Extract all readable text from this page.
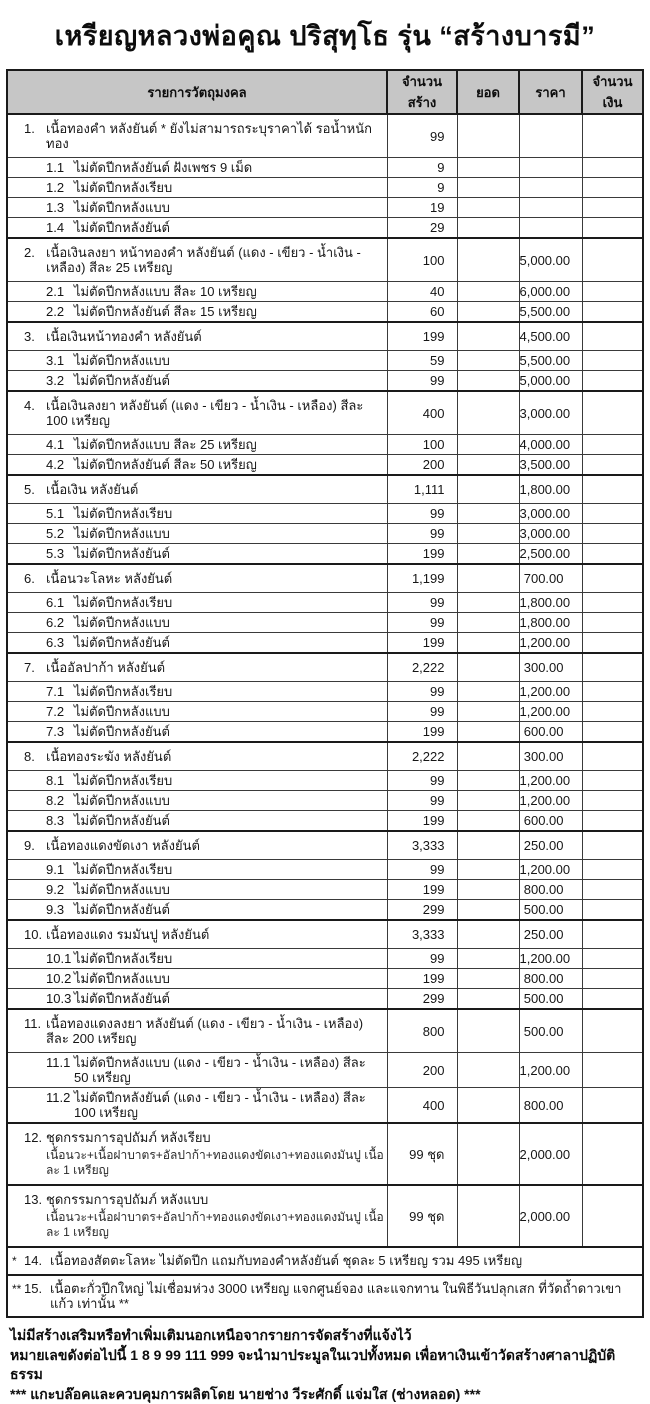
เหรียญหลวงพ่อคูณ ปริสุทฺโธ รุ่น “สร้างบารมี”
รายการวัตถุมงคล	จำนวนสร้าง	ยอด	ราคา	จำนวนเงิน

1. เนื้อทองคำ หลังยันต์ * ยังไม่สามารถระบุราคาได้ รอน้ำหนักทอง	99			

1.1 ไม่ตัดปีกหลังยันต์ ฝังเพชร 9 เม็ด	9			

1.2 ไม่ตัดปีกหลังเรียบ	9			

1.3 ไม่ตัดปีกหลังแบบ	19			

1.4 ไม่ตัดปีกหลังยันต์	29			

2. เนื้อเงินลงยา หน้าทองคำ หลังยันต์ (แดง - เขียว - น้ำเงิน - เหลือง) สีละ 25 เหรียญ	100		5,000.00	

2.1 ไม่ตัดปีกหลังแบบ สีละ 10 เหรียญ	40		6,000.00	

2.2 ไม่ตัดปีกหลังยันต์ สีละ 15 เหรียญ	60		5,500.00	

3. เนื้อเงินหน้าทองคำ หลังยันต์	199		4,500.00	

3.1 ไม่ตัดปีกหลังแบบ	59		5,500.00	

3.2 ไม่ตัดปีกหลังยันต์	99		5,000.00	

4. เนื้อเงินลงยา หลังยันต์ (แดง - เขียว - น้ำเงิน - เหลือง) สีละ 100 เหรียญ	400		3,000.00	

4.1 ไม่ตัดปีกหลังแบบ สีละ 25 เหรียญ	100		4,000.00	

4.2 ไม่ตัดปีกหลังยันต์ สีละ 50 เหรียญ	200		3,500.00	

5. เนื้อเงิน หลังยันต์	1,111		1,800.00	

5.1 ไม่ตัดปีกหลังเรียบ	99		3,000.00	

5.2 ไม่ตัดปีกหลังแบบ	99		3,000.00	

5.3 ไม่ตัดปีกหลังยันต์	199		2,500.00	

6. เนื้อนวะโลหะ หลังยันต์	1,199		700.00	

6.1 ไม่ตัดปีกหลังเรียบ	99		1,800.00	

6.2 ไม่ตัดปีกหลังแบบ	99		1,800.00	

6.3 ไม่ตัดปีกหลังยันต์	199		1,200.00	

7. เนื้ออัลปาก้า หลังยันต์	2,222		300.00	

7.1 ไม่ตัดปีกหลังเรียบ	99		1,200.00	

7.2 ไม่ตัดปีกหลังแบบ	99		1,200.00	

7.3 ไม่ตัดปีกหลังยันต์	199		600.00	

8. เนื้อทองระฆัง หลังยันต์	2,222		300.00	

8.1 ไม่ตัดปีกหลังเรียบ	99		1,200.00	

8.2 ไม่ตัดปีกหลังแบบ	99		1,200.00	

8.3 ไม่ตัดปีกหลังยันต์	199		600.00	

9. เนื้อทองแดงขัดเงา หลังยันต์	3,333		250.00	

9.1 ไม่ตัดปีกหลังเรียบ	99		1,200.00	

9.2 ไม่ตัดปีกหลังแบบ	199		800.00	

9.3 ไม่ตัดปีกหลังยันต์	299		500.00	

10. เนื้อทองแดง รมมันปู หลังยันต์	3,333		250.00	

10.1 ไม่ตัดปีกหลังเรียบ	99		1,200.00	

10.2 ไม่ตัดปีกหลังแบบ	199		800.00	

10.3 ไม่ตัดปีกหลังยันต์	299		500.00	

11. เนื้อทองแดงลงยา หลังยันต์ (แดง - เขียว - น้ำเงิน - เหลือง) สีละ 200 เหรียญ	800		500.00	

11.1 ไม่ตัดปีกหลังแบบ (แดง - เขียว - น้ำเงิน - เหลือง) สีละ 50 เหรียญ	200		1,200.00	

11.2 ไม่ตัดปีกหลังยันต์ (แดง - เขียว - น้ำเงิน - เหลือง) สีละ 100 เหรียญ	400		800.00	

12. ชุดกรรมการอุปถัมภ์ หลังเรียบ
เนื้อนวะ+เนื้อฝาบาตร+อัลปาก้า+ทองแดงขัดเงา+ทองแดงมันปู เนื้อละ 1 เหรียญ	99 ชุด		2,000.00	

13. ชุดกรรมการอุปถัมภ์ หลังแบบ
เนื้อนวะ+เนื้อฝาบาตร+อัลปาก้า+ทองแดงขัดเงา+ทองแดงมันปู เนื้อละ 1 เหรียญ	99 ชุด		2,000.00	

* 14. เนื้อทองสัตตะโลหะ ไม่ตัดปีก แถมกับทองคำหลังยันต์ ชุดละ 5 เหรียญ รวม 495 เหรียญ				

** 15. เนื้อตะกั่วปีกใหญ่ ไม่เชื่อมห่วง 3000 เหรียญ แจกศูนย์จอง และแจกทาน ในพิธีวันปลุกเสก ที่วัดถ้ำดาวเขาแก้ว เท่านั้น **				
ไม่มีสร้างเสริมหรือทำเพิ่มเติมนอกเหนือจากรายการจัดสร้างที่แจ้งไว้
หมายเลขดังต่อไปนี้ 1 8 9 99 111 999 จะนำมาประมูลในเวปทั้งหมด เพื่อหาเงินเข้าวัดสร้างศาลาปฏิบัติธรรม
*** แกะบล๊อคและควบคุมการผลิตโดย นายช่าง วีระศักดิ์ แจ่มใส (ช่างหลอด) ***
